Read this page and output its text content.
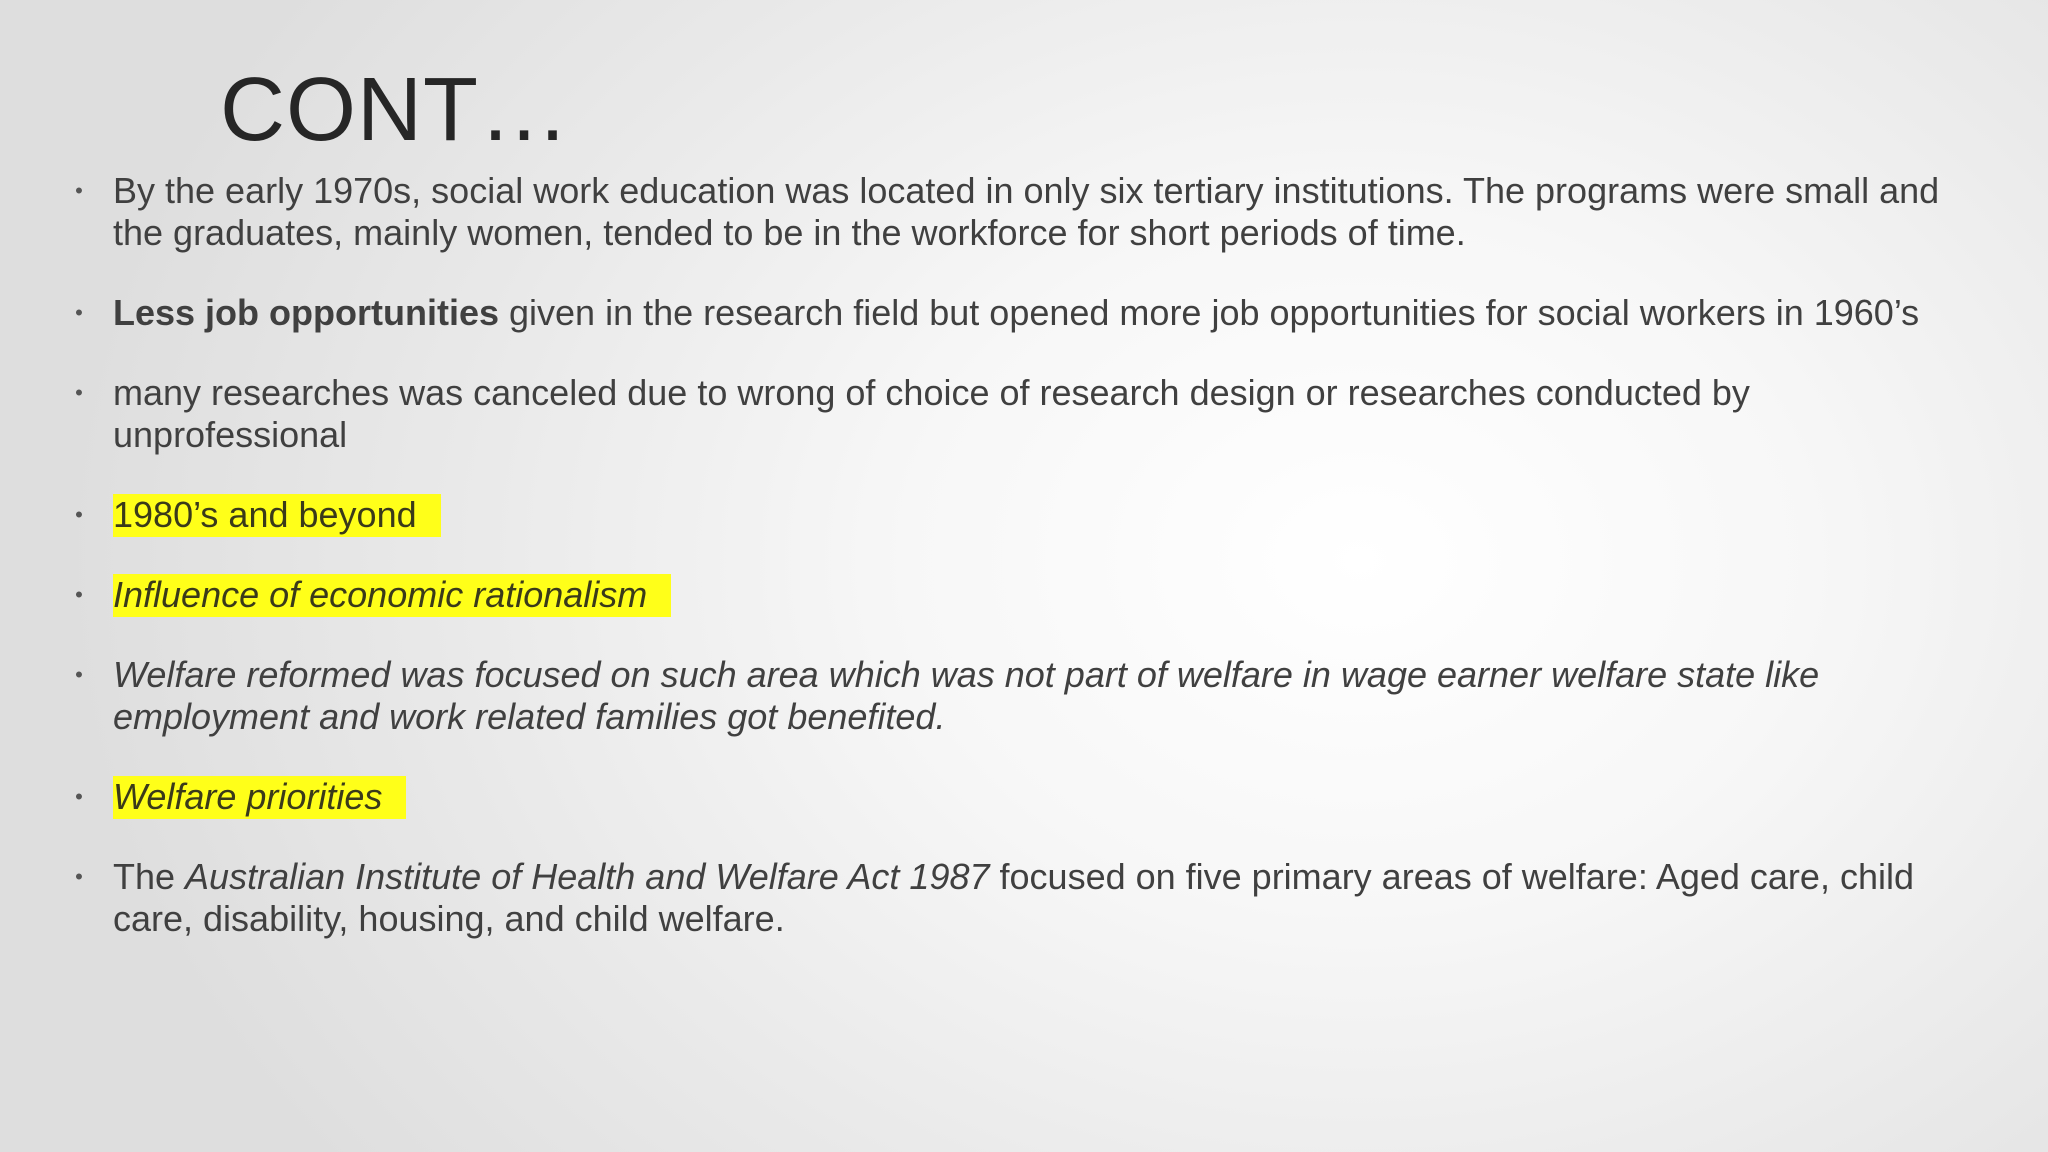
CONT…
• By the early 1970s, social work education was located in only six tertiary institutions. The programs were small and the graduates, mainly women, tended to be in the workforce for short periods of time.
• Less job opportunities given in the research field but opened more job opportunities for social workers in 1960’s
• many researches was canceled due to wrong of choice of research design or researches conducted by unprofessional
• 1980’s and beyond
• Influence of economic rationalism
• Welfare reformed was focused on such area which was not part of welfare in wage earner welfare state like employment and work related families got benefited.
• Welfare priorities
• The Australian Institute of Health and Welfare Act 1987 focused on five primary areas of welfare: Aged care, child care, disability, housing, and child welfare.
